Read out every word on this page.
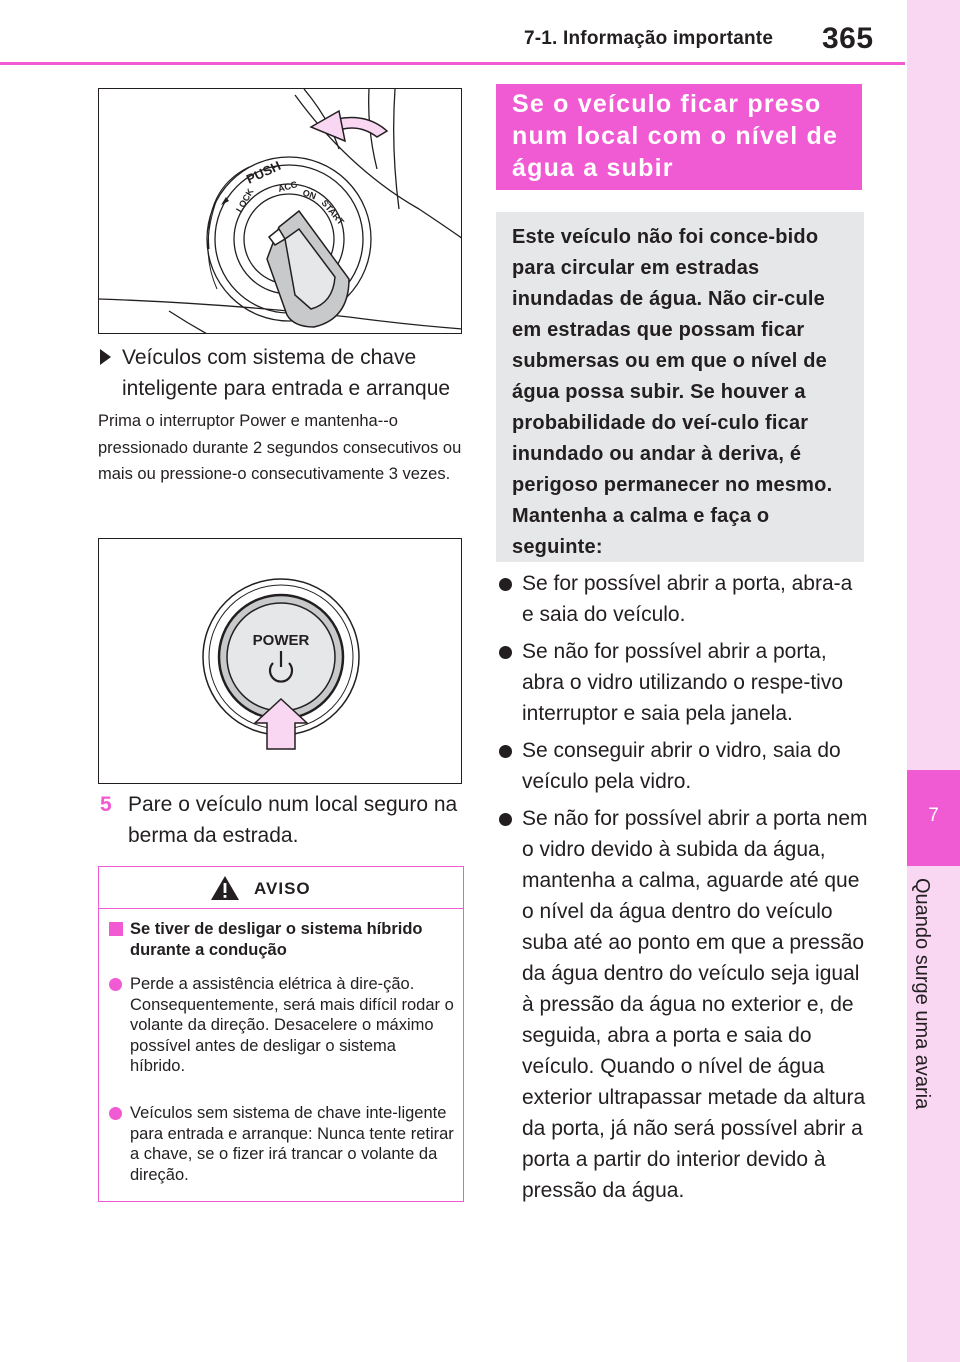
7-1. Informação importante 365
7
Quando surge uma avaria
PUSH
LOCK
ACC
ON
START
Veículos com sistema de chave inteligente para entrada e arranque
Prima o interruptor Power e mantenha--o pressionado durante 2 segundos consecutivos ou mais ou pressione-o consecutivamente 3 vezes.
POWER
5 Pare o veículo num local seguro na berma da estrada.
AVISO
Se tiver de desligar o sistema híbrido durante a condução
Perde a assistência elétrica à dire-ção. Consequentemente, será mais difícil rodar o volante da direção. Desacelere o máximo possível antes de desligar o sistema híbrido.
Veículos sem sistema de chave inte-ligente para entrada e arranque: Nunca tente retirar a chave, se o fizer irá trancar o volante da direção.
Se o veículo ficar preso num local com o nível de água a subir
Este veículo não foi conce-bido para circular em estradas inundadas de água. Não cir-cule em estradas que possam ficar submersas ou em que o nível de água possa subir. Se houver a probabilidade do veí-culo ficar inundado ou andar à deriva, é perigoso permanecer no mesmo. Mantenha a calma e faça o seguinte:
Se for possível abrir a porta, abra-a e saia do veículo.
Se não for possível abrir a porta, abra o vidro utilizando o respe-tivo interruptor e saia pela janela.
Se conseguir abrir o vidro, saia do veículo pela vidro.
Se não for possível abrir a porta nem o vidro devido à subida da água, mantenha a calma, aguarde até que o nível da água dentro do veículo suba até ao ponto em que a pressão da água dentro do veículo seja igual à pressão da água no exterior e, de seguida, abra a porta e saia do veículo. Quando o nível de água exterior ultrapassar metade da altura da porta, já não será possível abrir a porta a partir do interior devido à pressão da água.
